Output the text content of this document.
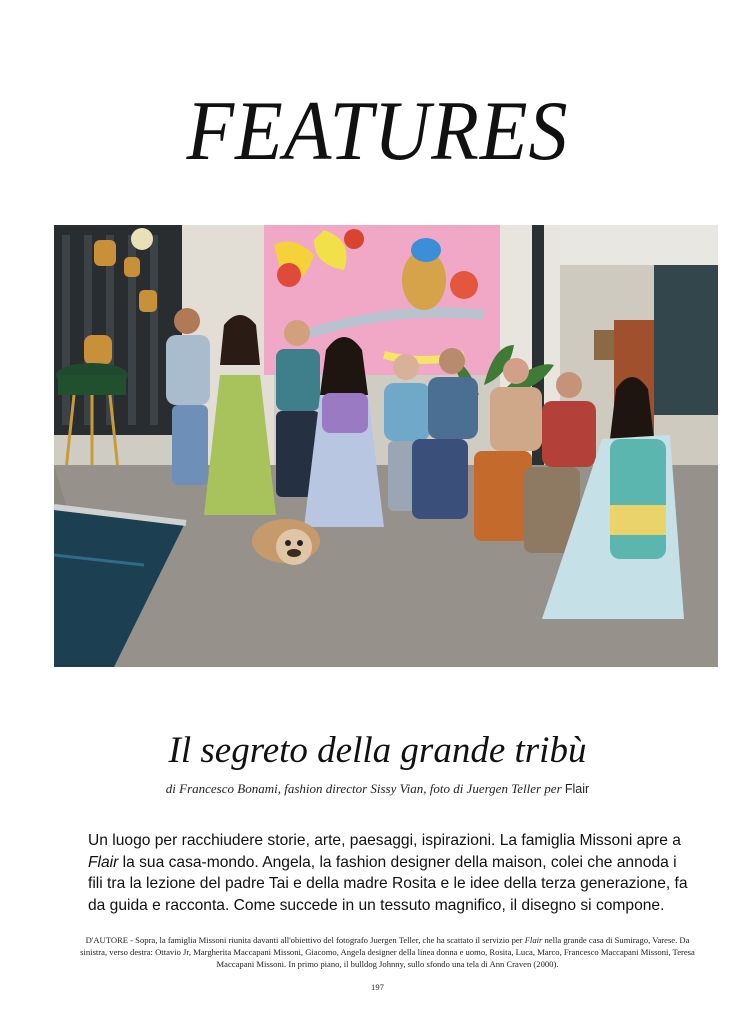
FEATURES
Il segreto della grande tribù
di Francesco Bonami, fashion director Sissy Vian, foto di Juergen Teller per Flair
Un luogo per racchiudere storie, arte, paesaggi, ispirazioni. La famiglia Missoni apre a Flair la sua casa-mondo. Angela, la fashion designer della maison, colei che annoda i fili tra la lezione del padre Tai e della madre Rosita e le idee della terza generazione, fa da guida e racconta. Come succede in un tessuto magnifico, il disegno si compone.
D'AUTORE - Sopra, la famiglia Missoni riunita davanti all'obiettivo del fotografo Juergen Teller, che ha scattato il servizio per Flair nella grande casa di Sumirago, Varese. Da sinistra, verso destra: Ottavio Jr, Margherita Maccapani Missoni, Giacomo, Angela designer della linea donna e uomo, Rosita, Luca, Marco, Francesco Maccapani Missoni, Teresa Maccapani Missoni. In primo piano, il bulldog Johnny, sullo sfondo una tela di Ann Craven (2000).
197
